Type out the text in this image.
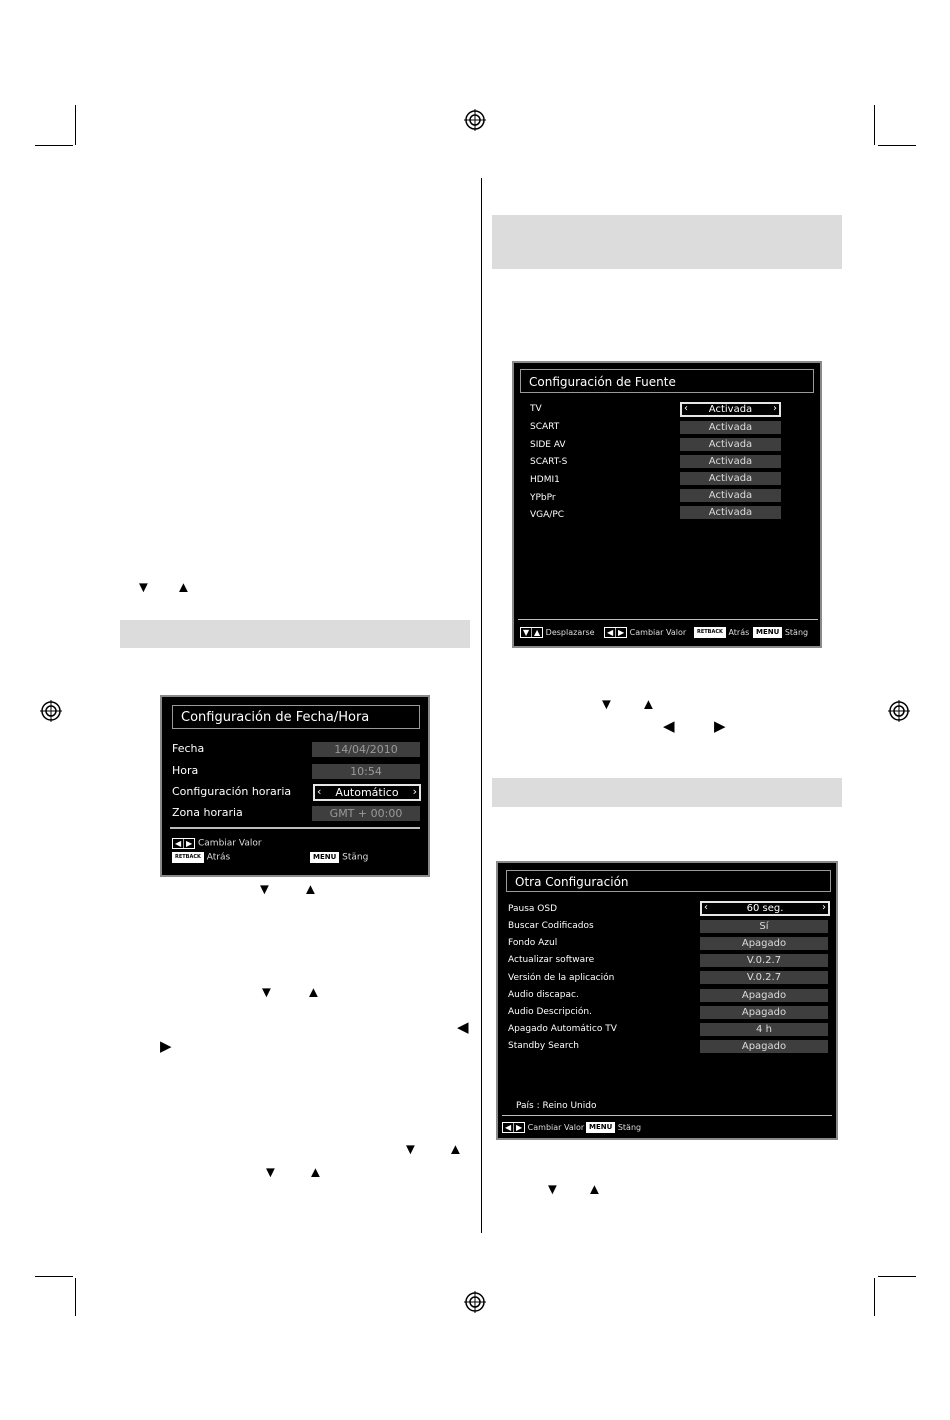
▼ ▲
▼ ▲
▼ ▲
◀
▶
▼ ▲
▼ ▲
▼ ▲
◀	▶
▼ ▲
Configuración de Fecha/Hora
Fecha	14/04/2010
Hora	10:54
Configuración horaria ‹ Automático ›
Zona horaria	GMT + 00:00
◀│▶ Cambiar Valor
RETBACK Atrás	MENU Stäng
Configuración de Fuente
TV	‹ Activada ›
SCART	Activada
SIDE AV	Activada
SCART-S	Activada
HDMI1	Activada
YPbPr	Activada
VGA/PC	Activada
▼│▲ Desplazarse	◀│▶ Cambiar Valor	RETBACK Atrás MENU Stäng
Otra Configuración
Pausa OSD	‹	60 seg.	›
Buscar Codificados	Sí
Fondo Azul	Apagado
Actualizar software	V.0.2.7
Versión de la aplicación	V.0.2.7
Audio discapac.	Apagado
Audio Descripción.	Apagado
Apagado Automático TV	4 h
Standby Search	Apagado
País : Reino Unido
◀│▶ Cambiar Valor MENU Stäng
